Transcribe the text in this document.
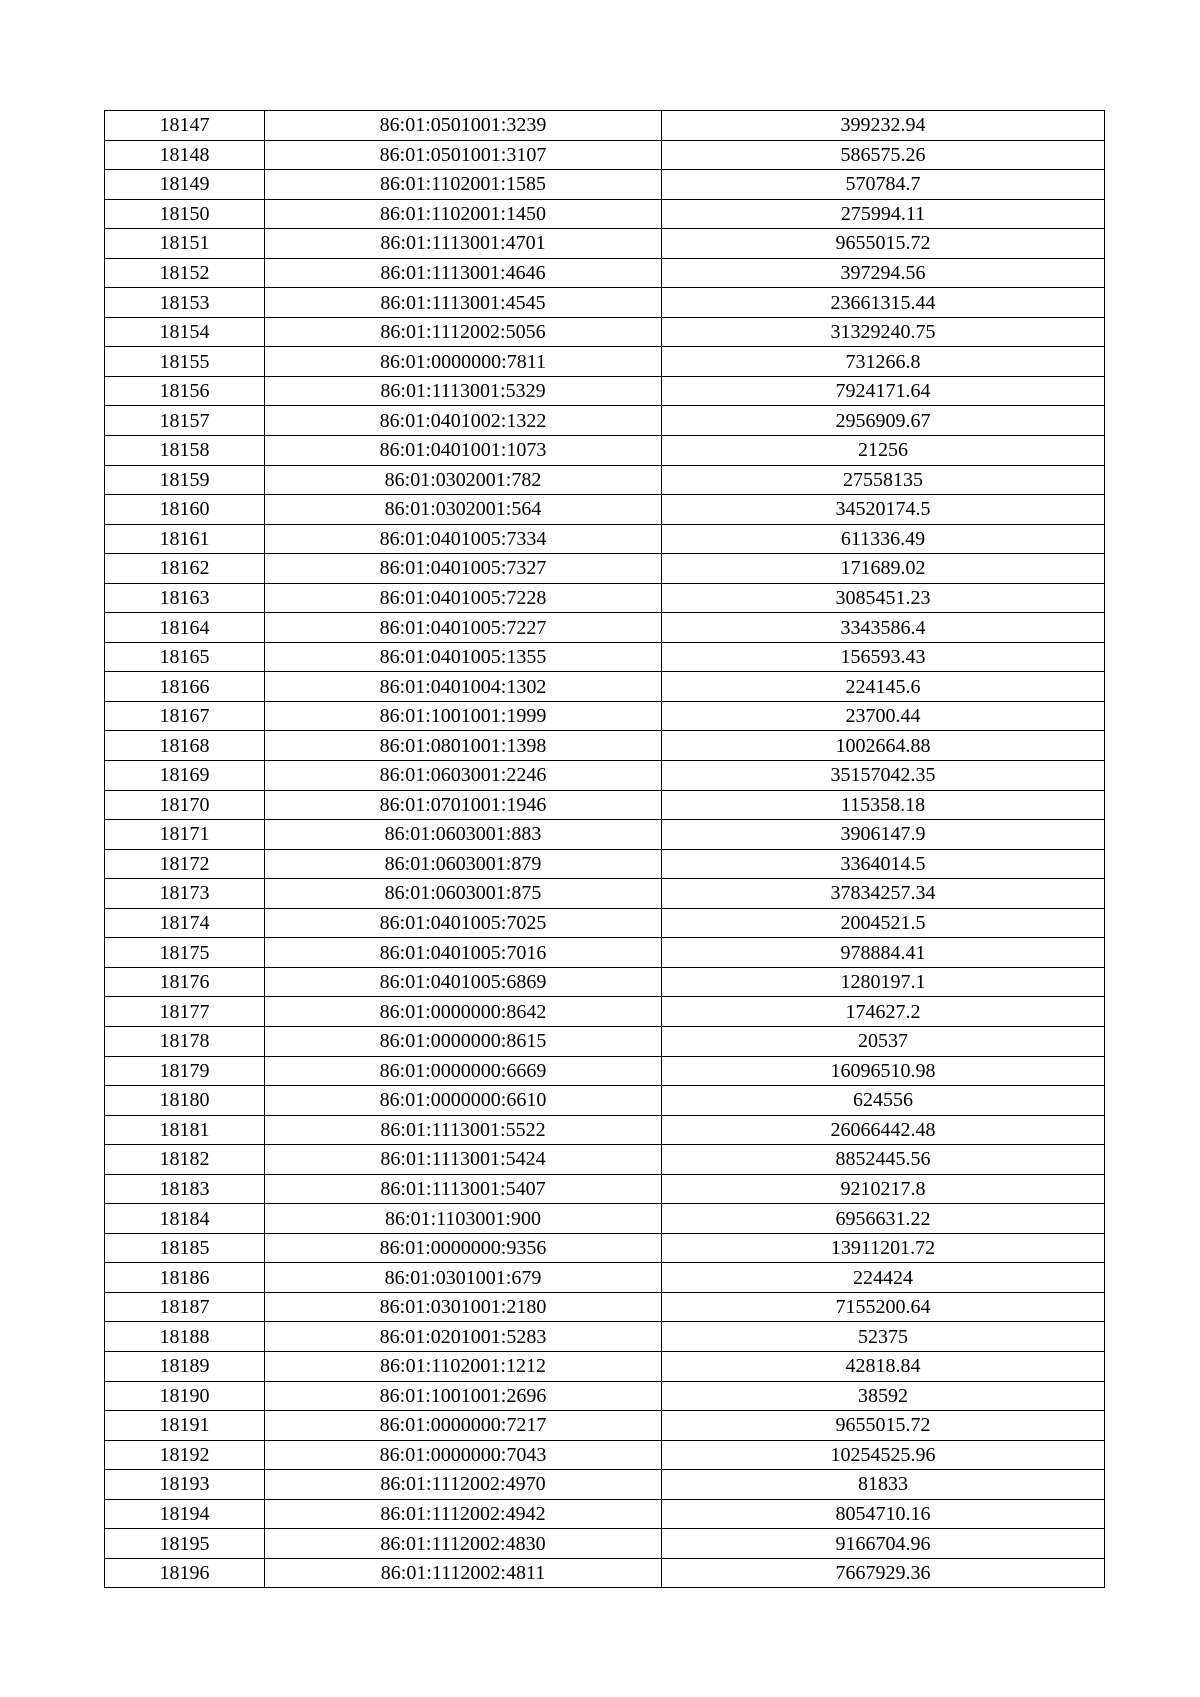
18147	86:01:0501001:3239	399232.94
18148	86:01:0501001:3107	586575.26
18149	86:01:1102001:1585	570784.7
18150	86:01:1102001:1450	275994.11
18151	86:01:1113001:4701	9655015.72
18152	86:01:1113001:4646	397294.56
18153	86:01:1113001:4545	23661315.44
18154	86:01:1112002:5056	31329240.75
18155	86:01:0000000:7811	731266.8
18156	86:01:1113001:5329	7924171.64
18157	86:01:0401002:1322	2956909.67
18158	86:01:0401001:1073	21256
18159	86:01:0302001:782	27558135
18160	86:01:0302001:564	34520174.5
18161	86:01:0401005:7334	611336.49
18162	86:01:0401005:7327	171689.02
18163	86:01:0401005:7228	3085451.23
18164	86:01:0401005:7227	3343586.4
18165	86:01:0401005:1355	156593.43
18166	86:01:0401004:1302	224145.6
18167	86:01:1001001:1999	23700.44
18168	86:01:0801001:1398	1002664.88
18169	86:01:0603001:2246	35157042.35
18170	86:01:0701001:1946	115358.18
18171	86:01:0603001:883	3906147.9
18172	86:01:0603001:879	3364014.5
18173	86:01:0603001:875	37834257.34
18174	86:01:0401005:7025	2004521.5
18175	86:01:0401005:7016	978884.41
18176	86:01:0401005:6869	1280197.1
18177	86:01:0000000:8642	174627.2
18178	86:01:0000000:8615	20537
18179	86:01:0000000:6669	16096510.98
18180	86:01:0000000:6610	624556
18181	86:01:1113001:5522	26066442.48
18182	86:01:1113001:5424	8852445.56
18183	86:01:1113001:5407	9210217.8
18184	86:01:1103001:900	6956631.22
18185	86:01:0000000:9356	13911201.72
18186	86:01:0301001:679	224424
18187	86:01:0301001:2180	7155200.64
18188	86:01:0201001:5283	52375
18189	86:01:1102001:1212	42818.84
18190	86:01:1001001:2696	38592
18191	86:01:0000000:7217	9655015.72
18192	86:01:0000000:7043	10254525.96
18193	86:01:1112002:4970	81833
18194	86:01:1112002:4942	8054710.16
18195	86:01:1112002:4830	9166704.96
18196	86:01:1112002:4811	7667929.36
